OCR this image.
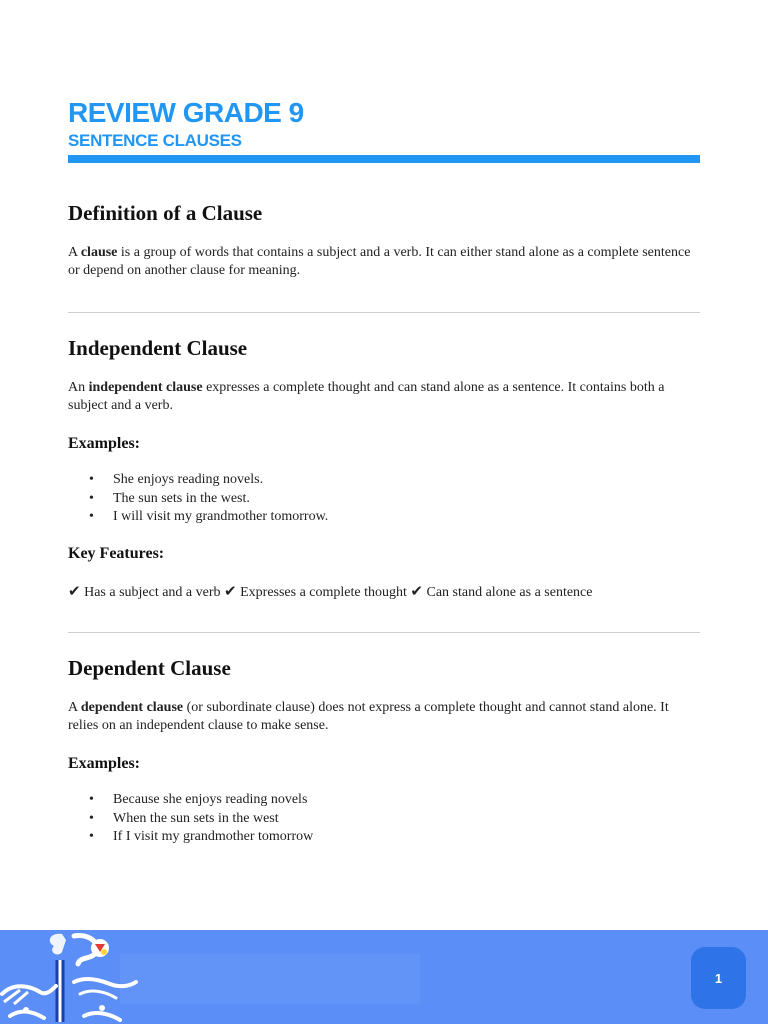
REVIEW GRADE 9
SENTENCE CLAUSES
Definition of a Clause

A clause is a group of words that contains a subject and a verb. It can either stand alone as a complete sentence or depend on another clause for meaning.

Independent Clause

An independent clause expresses a complete thought and can stand alone as a sentence. It contains both a subject and a verb.

Examples:
• She enjoys reading novels.
• The sun sets in the west.
• I will visit my grandmother tomorrow.
Key Features:

✔ Has a subject and a verb ✔ Expresses a complete thought ✔ Can stand alone as a sentence

Dependent Clause

A dependent clause (or subordinate clause) does not express a complete thought and cannot stand alone. It relies on an independent clause to make sense.

Examples:
• Because she enjoys reading novels
• When the sun sets in the west
• If I visit my grandmother tomorrow
1
